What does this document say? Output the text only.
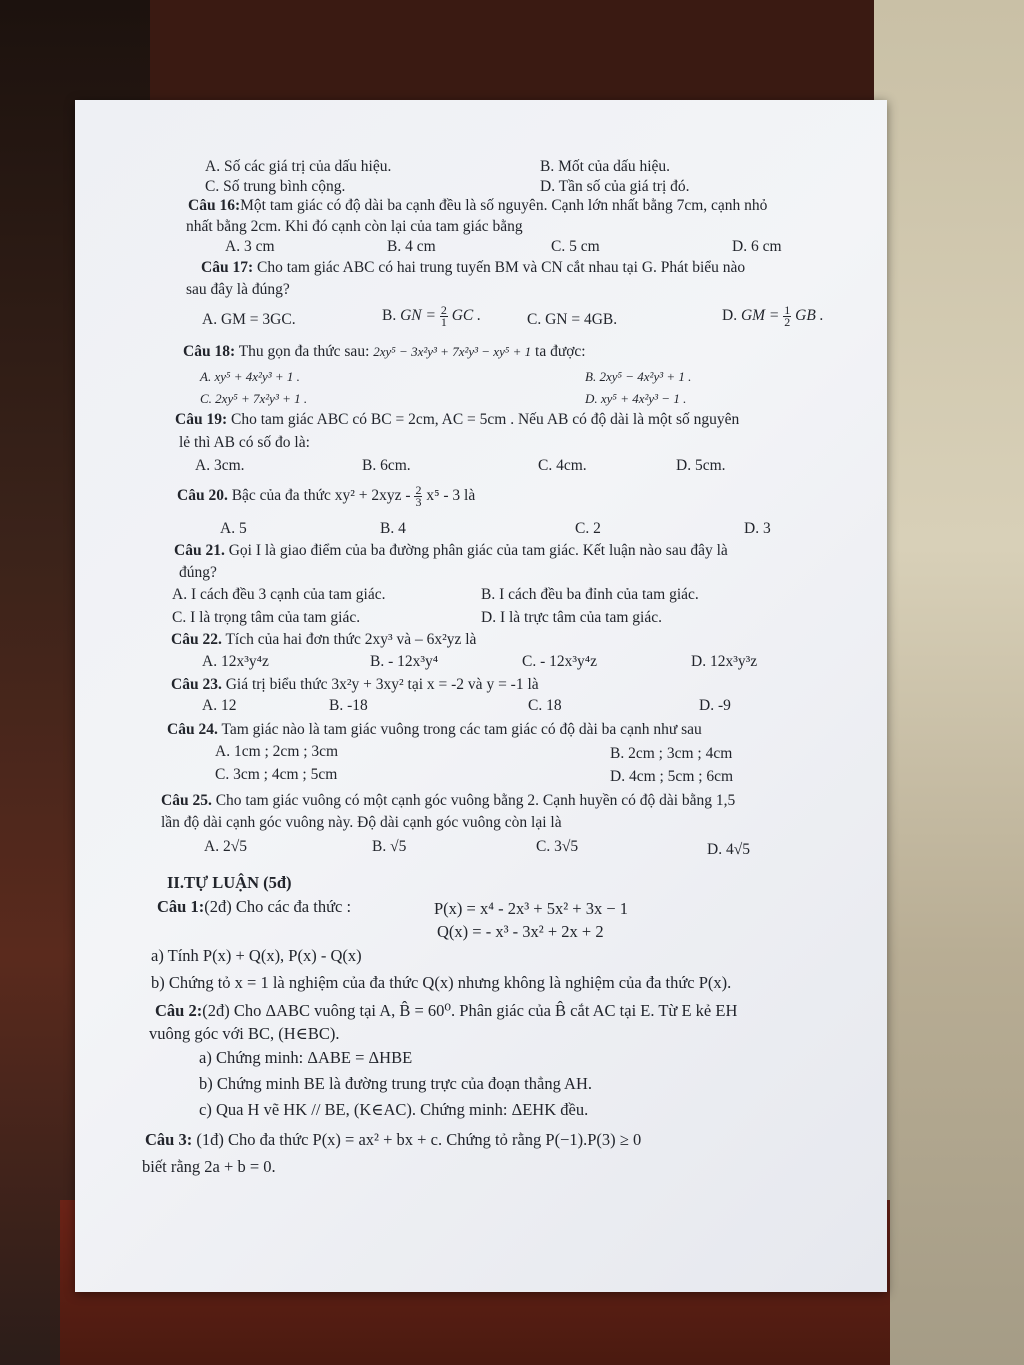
A. Số các giá trị của dấu hiệu.	B. Mốt của dấu hiệu.
C. Số trung bình cộng.	D. Tần số của giá trị đó.
Câu 16:Một tam giác có độ dài ba cạnh đều là số nguyên. Cạnh lớn nhất bằng 7cm, cạnh nhỏ
nhất bằng 2cm. Khi đó cạnh còn lại của tam giác bằng
A. 3 cm	B. 4 cm	C. 5 cm	D. 6 cm
Câu 17: Cho tam giác ABC có hai trung tuyến BM và CN cắt nhau tại G. Phát biểu nào
sau đây là đúng?
A. GM = 3GC.	B. GN = $\frac{2}{1}$ GC .	C. GN = 4GB.	D. GM = $\frac{1}{2}$ GB .
Câu 18: Thu gọn đa thức sau: 2xy⁵ − 3x²y³ + 7x²y³ − xy⁵ + 1 ta được:
A. xy⁵ + 4x²y³ + 1 .	B. 2xy⁵ − 4x²y³ + 1 .
C. 2xy⁵ + 7x²y³ + 1 .	D. xy⁵ + 4x²y³ − 1 .
Câu 19: Cho tam giác ABC có BC = 2cm, AC = 5cm . Nếu AB có độ dài là một số nguyên
lẻ thì AB có số đo là:
A. 3cm.	B. 6cm.	C. 4cm.	D. 5cm.
Câu 20. Bậc của đa thức $xy^2 + 2xyz - \frac{2}{3} x^5 - 3$ là
A. 5	B. 4	C. 2	D. 3
Câu 21. Gọi I là giao điểm của ba đường phân giác của tam giác. Kết luận nào sau đây là
đúng?
A. I cách đều 3 cạnh của tam giác.	B. I cách đều ba đỉnh của tam giác.
C. I là trọng tâm của tam giác.	D. I là trực tâm của tam giác.
Câu 22. Tích của hai đơn thức 2xy³ và – 6x²yz là
A. 12x³y⁴z	B. - 12x³y⁴	C. - 12x³y⁴z	D. 12x³y³z
Câu 23. Giá trị biểu thức 3x²y + 3xy² tại x = -2 và y = -1 là
A. 12	B. -18	C. 18	D. -9
Câu 24. Tam giác nào là tam giác vuông trong các tam giác có độ dài ba cạnh như sau
A. 1cm ; 2cm ; 3cm	B. 2cm ; 3cm ; 4cm
C. 3cm ; 4cm ; 5cm	D. 4cm ; 5cm ; 6cm
Câu 25. Cho tam giác vuông có một cạnh góc vuông bằng 2. Cạnh huyền có độ dài bằng 1,5
lần độ dài cạnh góc vuông này. Độ dài cạnh góc vuông còn lại là
A. 2√5	B. √5	C. 3√5	D. 4√5
II.TỰ LUẬN (5đ)
Câu 1:(2đ) Cho các đa thức :	P(x) = x⁴ - 2x³ + 5x² + 3x − 1
Q(x) = - x³ - 3x² + 2x + 2
a) Tính P(x) + Q(x), P(x) - Q(x)
b) Chứng tỏ x = 1 là nghiệm của đa thức Q(x) nhưng không là nghiệm của đa thức P(x).
Câu 2:(2đ) Cho ΔABC vuông tại A, B̂ = 60⁰. Phân giác của B̂ cắt AC tại E. Từ E kẻ EH
vuông góc với BC, (H∈BC).
a) Chứng minh: ΔABE = ΔHBE
b) Chứng minh BE là đường trung trực của đoạn thẳng AH.
c) Qua H vẽ HK // BE, (K∈AC). Chứng minh: ΔEHK đều.
Câu 3: (1đ) Cho đa thức P(x) = ax² + bx + c. Chứng tỏ rằng P(−1).P(3) ≥ 0
biết rằng 2a + b = 0.
